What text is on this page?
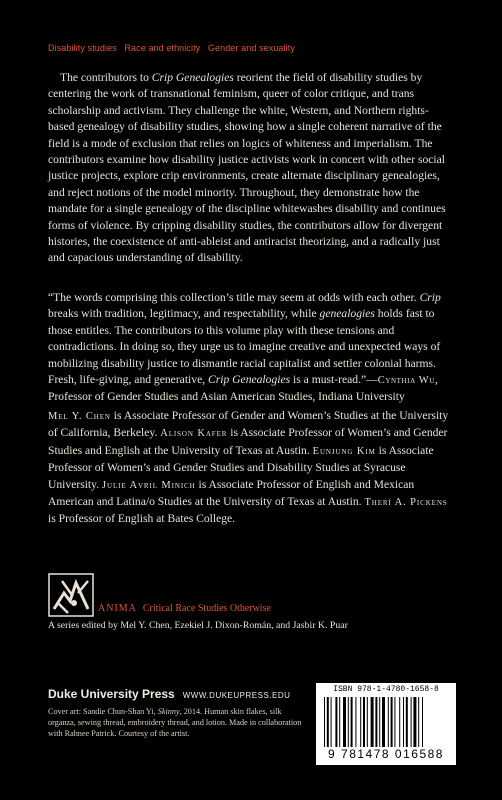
Disability studies Race and ethnicity Gender and sexuality

The contributors to Crip Genealogies reorient the field of disability studies by centering the work of transnational feminism, queer of color critique, and trans scholarship and activism. They challenge the white, Western, and Northern rights-based genealogy of disability studies, showing how a single coherent narrative of the field is a mode of exclusion that relies on logics of whiteness and imperialism. The contributors examine how disability justice activists work in concert with other social justice projects, explore crip environments, create alternate disciplinary genealogies, and reject notions of the model minority. Throughout, they demonstrate how the mandate for a single genealogy of the discipline whitewashes disability and continues forms of violence. By cripping disability studies, the contributors allow for divergent histories, the coexistence of anti-ableist and antiracist theorizing, and a radically just and capacious understanding of disability.

“The words comprising this collection’s title may seem at odds with each other. Crip breaks with tradition, legitimacy, and respectability, while genealogies holds fast to those entitles. The contributors to this volume play with these tensions and contradictions. In doing so, they urge us to imagine creative and unexpected ways of mobilizing disability justice to dismantle racial capitalist and settler colonial harms. Fresh, life-giving, and generative, Crip Genealogies is a must-read.”—Cynthia Wu, Professor of Gender Studies and Asian American Studies, Indiana University

Mel Y. Chen is Associate Professor of Gender and Women’s Studies at the University of California, Berkeley. Alison Kafer is Associate Professor of Women’s and Gender Studies and English at the University of Texas at Austin. Eunjung Kim is Associate Professor of Women’s and Gender Studies and Disability Studies at Syracuse University. Julie Avril Minich is Associate Professor of English and Mexican American and Latina/o Studies at the University of Texas at Austin. Therí A. Pickens is Professor of English at Bates College.

ANIMA Critical Race Studies Otherwise
A series edited by Mel Y. Chen, Ezekiel J. Dixon-Román, and Jasbir K. Puar
Duke University Press WWW.DUKEUPRESS.EDU

Cover art: Sandie Chun-Shan Yi, Skinny, 2014. Human skin flakes, silk organza, sewing thread, embroidery thread, and lotion. Made in collaboration with Rahnee Patrick. Courtesy of the artist.

ISBN 978-1-4780-1658-8
9 781478 016588
